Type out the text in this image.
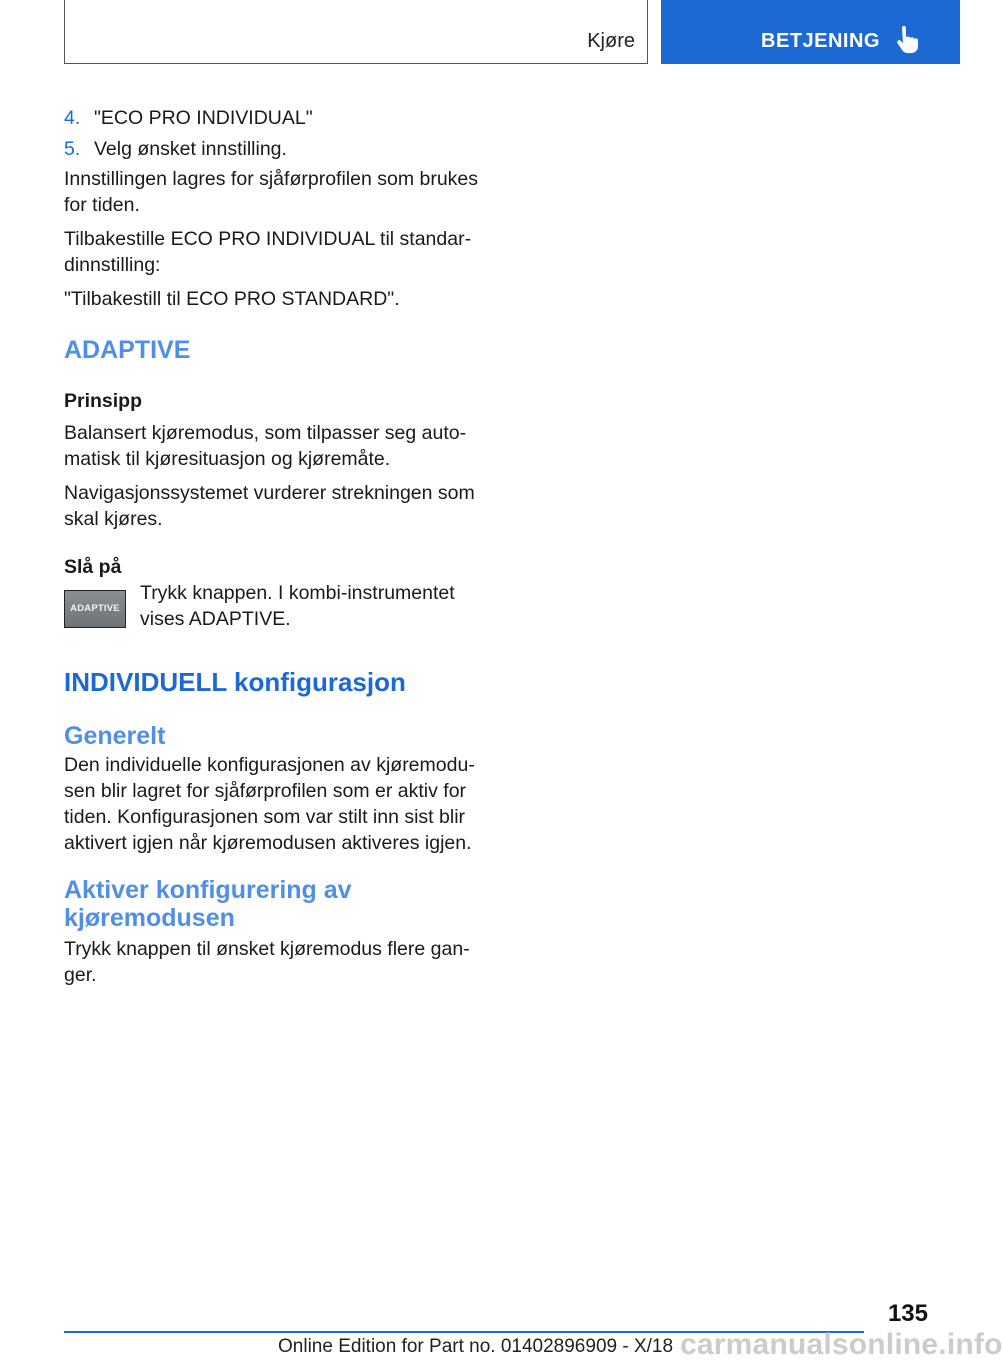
Kjøre	BETJENING
4. "ECO PRO INDIVIDUAL"
5. Velg ønsket innstilling.

Innstillingen lagres for sjåførprofilen som brukes for tiden.

Tilbakestille ECO PRO INDIVIDUAL til standardinnstilling:

"Tilbakestill til ECO PRO STANDARD".

ADAPTIVE
Prinsipp

Balansert kjøremodus, som tilpasser seg automatisk til kjøresituasjon og kjøremåte.

Navigasjonssystemet vurderer strekningen som skal kjøres.

Slå på
ADAPTIVE
Trykk knappen. I kombi-instrumentet vises ADAPTIVE.
INDIVIDUELL konfigurasjon
Generelt

Den individuelle konfigurasjonen av kjøremodusen blir lagret for sjåførprofilen som er aktiv for tiden. Konfigurasjonen som var stilt inn sist blir aktivert igjen når kjøremodusen aktiveres igjen.

Aktiver konfigurering av kjøremodusen

Trykk knappen til ønsket kjøremodus flere ganger.

135
Online Edition for Part no. 01402896909 - X/18 carmanualsonline.info
